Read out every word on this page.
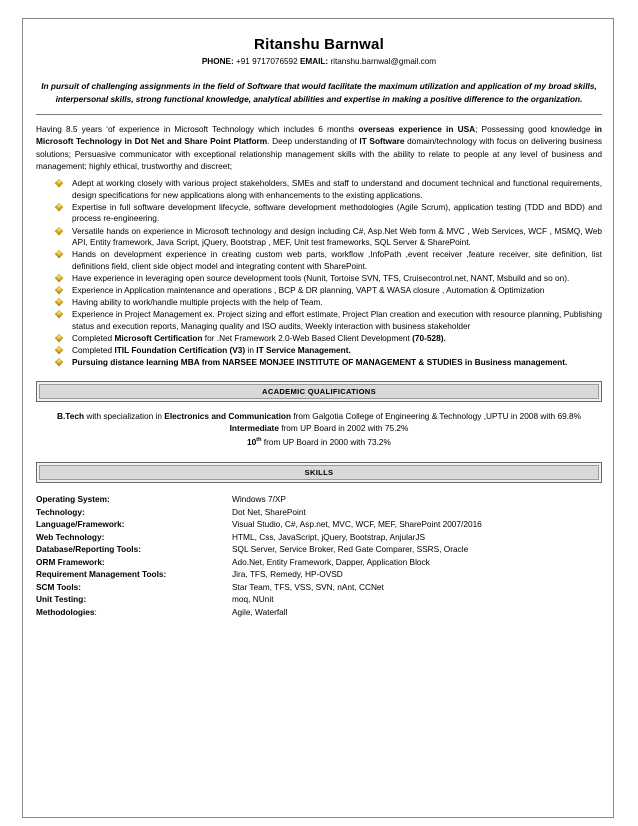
Ritanshu Barnwal
PHONE: +91 9717076592 EMAIL: ritanshu.barnwal@gmail.com
In pursuit of challenging assignments in the field of Software that would facilitate the maximum utilization and application of my broad skills, interpersonal skills, strong functional knowledge, analytical abilities and expertise in making a positive difference to the organization.
Having 8.5 years ‘of experience in Microsoft Technology which includes 6 months overseas experience in USA; Possessing good knowledge in Microsoft Technology in Dot Net and Share Point Platform. Deep understanding of IT Software domain/technology with focus on delivering business solutions; Persuasive communicator with exceptional relationship management skills with the ability to relate to people at any level of business and management; highly ethical, trustworthy and discreet;
Adept at working closely with various project stakeholders, SMEs and staff to understand and document technical and functional requirements, design specifications for new applications along with enhancements to the existing applications.
Expertise in full software development lifecycle, software development methodologies (Agile Scrum), application testing (TDD and BDD) and process re-engineering.
Versatile hands on experience in Microsoft technology and design including C#, Asp.Net Web form & MVC , Web Services, WCF , MSMQ, Web API, Entity framework, Java Script, jQuery, Bootstrap , MEF, Unit test frameworks, SQL Server & SharePoint.
Hands on development experience in creating custom web parts, workflow ,InfoPath ,event receiver ,feature receiver, site definition, list definitions field, client side object model and integrating content with SharePoint.
Have experience in leveraging open source development tools (Nunit, Tortoise SVN, TFS, Cruisecontrol.net, NANT, Msbuild and so on).
Experience in Application maintenance and operations , BCP & DR planning, VAPT & WASA closure , Automation & Optimization
Having ability to work/handle multiple projects with the help of Team.
Experience in Project Management ex. Project sizing and effort estimate, Project Plan creation and execution with resource planning, Publishing status and execution reports, Managing quality and ISO audits, Weekly interaction with business stakeholder
Completed Microsoft Certification for .Net Framework 2.0-Web Based Client Development (70-528).
Completed ITIL Foundation Certification (V3) in IT Service Management.
Pursuing distance learning MBA from NARSEE MONJEE INSTITUTE OF MANAGEMENT & STUDIES in Business management.
ACADEMIC QUALIFICATIONS
B.Tech with specialization in Electronics and Communication from Galgotia College of Engineering & Technology ,UPTU in 2008 with 69.8%
Intermediate from UP Board in 2002 with 75.2%
10th from UP Board in 2000 with 73.2%
SKILLS
Operating System:	Windows 7/XP
Technology:	Dot Net, SharePoint
Language/Framework:	Visual Studio, C#, Asp.net, MVC, WCF, MEF, SharePoint 2007/2016
Web Technology:	HTML, Css, JavaScript, jQuery, Bootstrap, AnjularJS
Database/Reporting Tools:	SQL Server, Service Broker, Red Gate Comparer, SSRS, Oracle
ORM Framework:	Ado.Net, Entity Framework, Dapper, Application Block
Requirement Management Tools:	Jira, TFS, Remedy, HP-OVSD
SCM Tools:	Star Team, TFS, VSS, SVN, nAnt, CCNet
Unit Testing:	moq, NUnit
Methodologies:	Agile, Waterfall
